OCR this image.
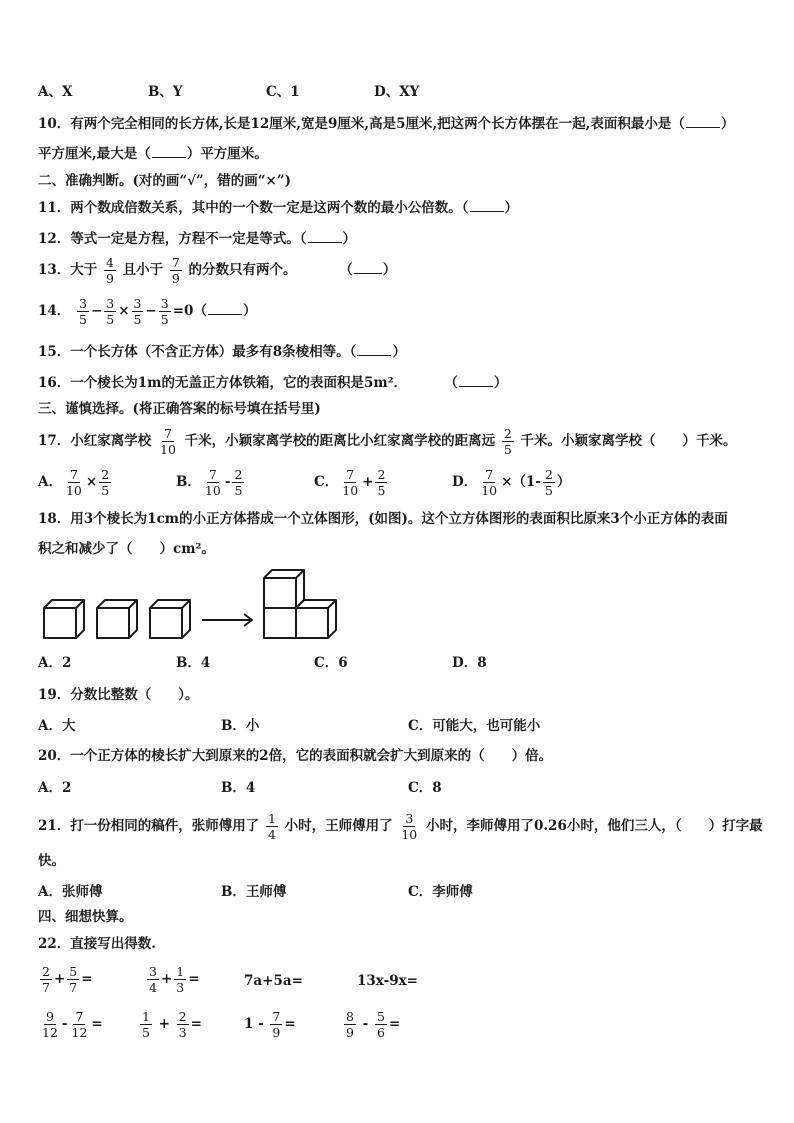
A、X	B、Y	C、1	D、XY
10．有两个完全相同的长方体,长是12厘米,宽是9厘米,高是5厘米,把这两个长方体摆在一起,表面积最小是（	）
平方厘米,最大是（	）平方厘米。
二、准确判断。(对的画“√”，错的画“×”)
11．两个数成倍数关系，其中的一个数一定是这两个数的最小公倍数。（	）
12．等式一定是方程，方程不一定是等式。（	）
13．大于 $\frac{4}{9}$ 且小于 $\frac{7}{9}$ 的分数只有两个。	（ ）
14． $\frac{3}{5} - \frac{3}{5} \times \frac{3}{5} - \frac{3}{5} =0$（	）
15．一个长方体（不含正方体）最多有8条棱相等。（	）
16．一个棱长为1m的无盖正方体铁箱，它的表面积是5m²．	（	）
三、谨慎选择。(将正确答案的标号填在括号里)
17．小红家离学校 $\frac{7}{10}$ 千米，小颖家离学校的距离比小红家离学校的距离远 $\frac{2}{5}$ 千米。小颖家离学校（　　）千米。
A． $\frac{7}{10} \times \frac{2}{5}$	B． $\frac{7}{10} - \frac{2}{5}$	C． $\frac{7}{10} + \frac{2}{5}$	D． $\frac{7}{10} \times(1- \frac{2}{5}$ ）
18．用3个棱长为1cm的小正方体搭成一个立体图形，(如图)。这个立方体图形的表面积比原来3个小正方体的表面
积之和减少了（　　）cm²。
A．2	B．4	C．6	D．8
19．分数比整数（　　）。
A．大	B．小	C．可能大，也可能小
20．一个正方体的棱长扩大到原来的2倍，它的表面积就会扩大到原来的（　　）倍。
A．2	B．4	C．8
21．打一份相同的稿件，张师傅用了 $\frac{1}{4}$ 小时，王师傅用了 $\frac{3}{10}$ 小时，李师傅用了0.26小时，他们三人，（　　）打字最
快。
A．张师傅	B．王师傅	C．李师傅
四、细想快算。
22．直接写出得数.
$\frac{2}{7} + \frac{5}{7}$ =	$\frac{3}{4} + \frac{1}{3}$ =	7a+5a=	13x-9x=
$\frac{9}{12} - \frac{7}{12}$ =	$\frac{1}{5} + \frac{2}{3}$ =	$1 - \frac{7}{9}$ =	$\frac{8}{9} - \frac{5}{6}$ =
